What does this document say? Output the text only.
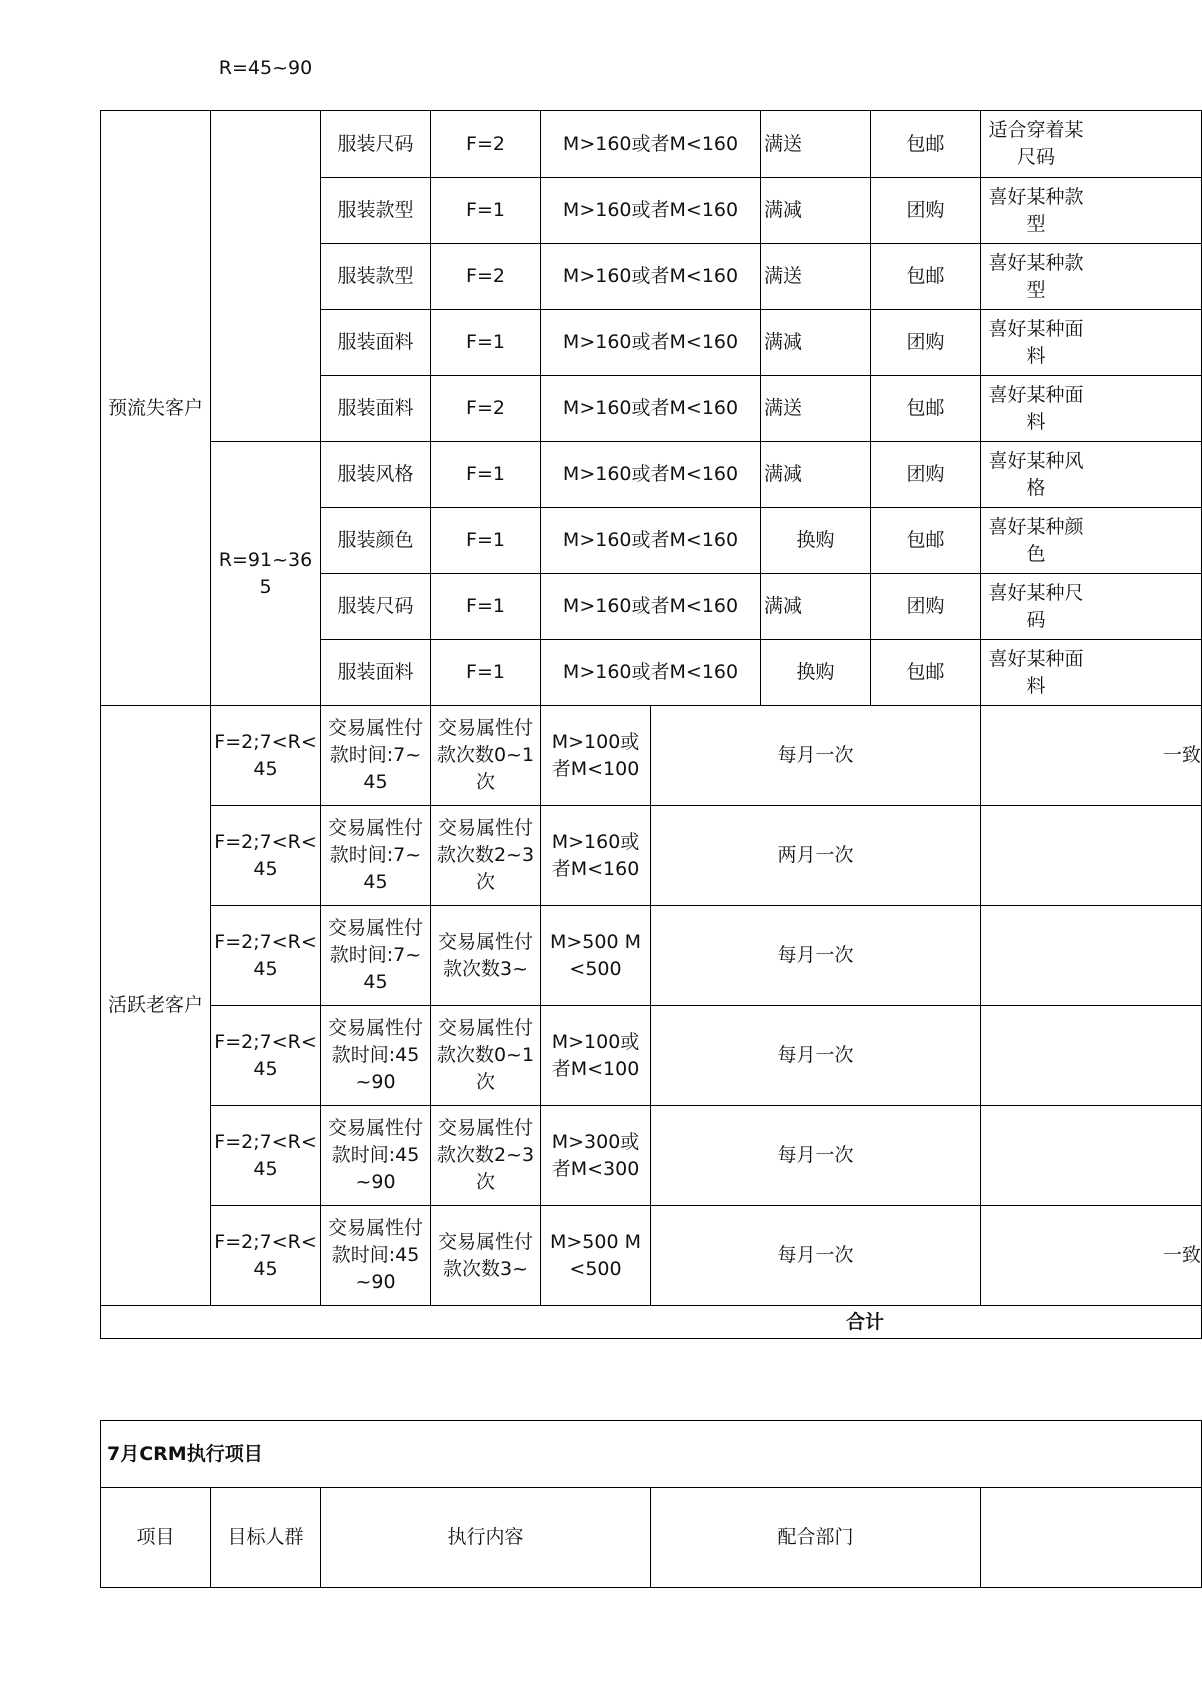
预流失客户	R=45~90	服装尺码	F=2	M>160或者M<160		满送	包邮	适合穿着某尺码

		服装款型	F=1	M>160或者M<160		满减	团购	喜好某种款型

		服装款型	F=2	M>160或者M<160		满送	包邮	喜好某种款型

		服装面料	F=1	M>160或者M<160		满减	团购	喜好某种面料

		服装面料	F=2	M>160或者M<160		满送	包邮	喜好某种面料

	R=91~365	服装风格	F=1	M>160或者M<160		满减	团购	喜好某种风格

		服装颜色	F=1	M>160或者M<160		换购	包邮	喜好某种颜色

		服装尺码	F=1	M>160或者M<160		满减	团购	喜好某种尺码

		服装面料	F=1	M>160或者M<160		换购	包邮	喜好某种面料

活跃老客户	F=2;7<R<45	交易属性付款时间:7~45	交易属性付款次数0~1次	M>100或者M<100	每月一次			一致
	F=2;7<R<45	交易属性付款时间:7~45	交易属性付款次数2~3次	M>160或者M<160	两月一次			
	F=2;7<R<45	交易属性付款时间:7~45	交易属性付款次数3~	M>500 M<500	每月一次			
	F=2;7<R<45	交易属性付款时间:45~90	交易属性付款次数0~1次	M>100或者M<100	每月一次			
	F=2;7<R<45	交易属性付款时间:45~90	交易属性付款次数2~3次	M>300或者M<300	每月一次			
	F=2;7<R<45	交易属性付款时间:45~90	交易属性付款次数3~	M>500 M<500	每月一次			一致
合计								
7月CRM执行项目
项目	目标人群	执行内容	配合部门	
